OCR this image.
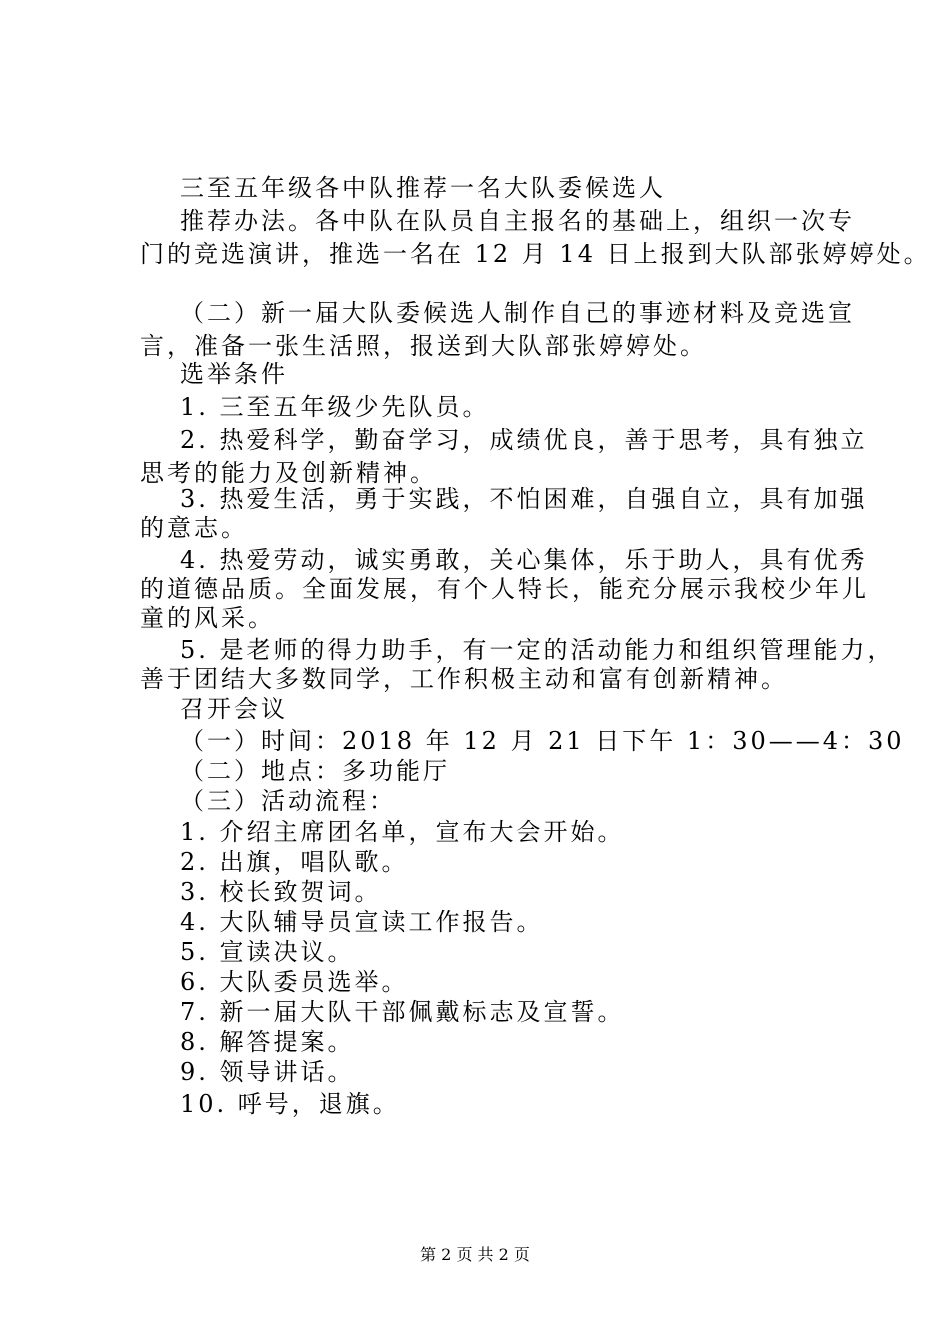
三至五年级各中队推荐一名大队委候选人
推荐办法。各中队在队员自主报名的基础上，组织一次专
门的竞选演讲，推选一名在 12 月 14 日上报到大队部张婷婷处。
（二）新一届大队委候选人制作自己的事迹材料及竞选宣
言，准备一张生活照，报送到大队部张婷婷处。
选举条件
1. 三至五年级少先队员。
2. 热爱科学，勤奋学习，成绩优良，善于思考，具有独立
思考的能力及创新精神。
3. 热爱生活，勇于实践，不怕困难，自强自立，具有加强
的意志。
4. 热爱劳动，诚实勇敢，关心集体，乐于助人，具有优秀
的道德品质。全面发展，有个人特长，能充分展示我校少年儿
童的风采。
5. 是老师的得力助手，有一定的活动能力和组织管理能力，
善于团结大多数同学，工作积极主动和富有创新精神。
召开会议
（一）时间：2018 年 12 月 21 日下午 1：30——4：30
（二）地点：多功能厅
（三）活动流程：
1. 介绍主席团名单，宣布大会开始。
2. 出旗，唱队歌。
3. 校长致贺词。
4. 大队辅导员宣读工作报告。
5. 宣读决议。
6. 大队委员选举。
7. 新一届大队干部佩戴标志及宣誓。
8. 解答提案。
9. 领导讲话。
10. 呼号，退旗。
第 2 页 共 2 页
